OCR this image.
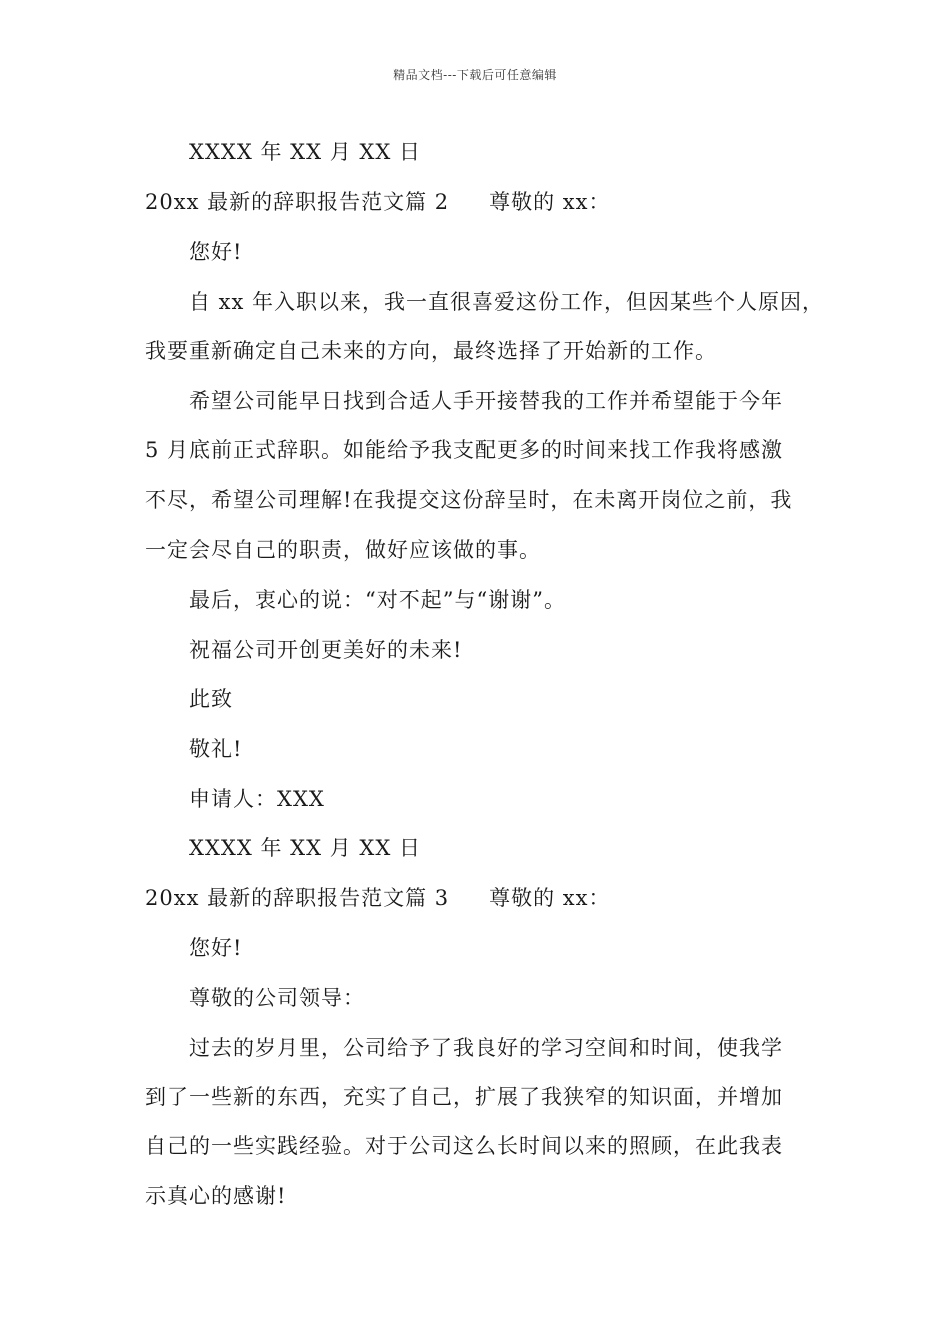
精品文档---下载后可任意编辑
XXXX 年 XX 月 XX 日
20xx 最新的辞职报告范文篇 2 尊敬的 xx：
您好!
自 xx 年入职以来，我一直很喜爱这份工作，但因某些个人原因，
我要重新确定自己未来的方向，最终选择了开始新的工作。
希望公司能早日找到合适人手开接替我的工作并希望能于今年
5 月底前正式辞职。如能给予我支配更多的时间来找工作我将感激
不尽，希望公司理解!在我提交这份辞呈时，在未离开岗位之前，我
一定会尽自己的职责，做好应该做的事。
最后，衷心的说：“对不起”与“谢谢”。
祝福公司开创更美好的未来!
此致
敬礼!
申请人：XXX
XXXX 年 XX 月 XX 日
20xx 最新的辞职报告范文篇 3 尊敬的 xx：
您好!
尊敬的公司领导：
过去的岁月里，公司给予了我良好的学习空间和时间，使我学
到了一些新的东西，充实了自己，扩展了我狭窄的知识面，并增加
自己的一些实践经验。对于公司这么长时间以来的照顾，在此我表
示真心的感谢!
